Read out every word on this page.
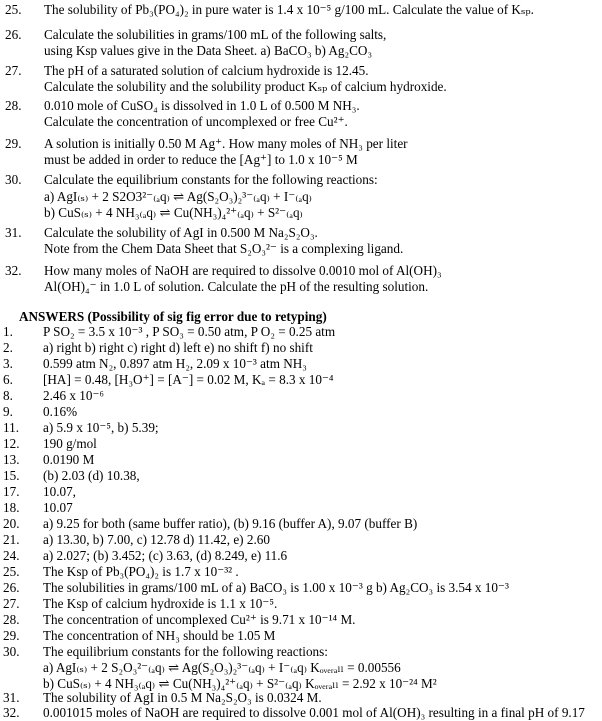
25. The solubility of Pb₃(PO₄)₂ in pure water is 1.4 x 10⁻⁵ g/100 mL. Calculate the value of Kₛₚ.
26. Calculate the solubilities in grams/100 mL of the following salts,
using Ksp values give in the Data Sheet. a) BaCO₃ b) Ag₂CO₃
27. The pH of a saturated solution of calcium hydroxide is 12.45.
Calculate the solubility and the solubility product Kₛₚ of calcium hydroxide.
28. 0.010 mole of CuSO₄ is dissolved in 1.0 L of 0.500 M NH₃.
Calculate the concentration of uncomplexed or free Cu²⁺.
29. A solution is initially 0.50 M Ag⁺. How many moles of NH₃ per liter
must be added in order to reduce the [Ag⁺] to 1.0 x 10⁻⁵ M
30. Calculate the equilibrium constants for the following reactions:
a) AgI₍ₛ₎ + 2 S2O3²⁻₍ₐq₎ ⇌ Ag(S₂O₃)₂³⁻₍ₐq₎ + I⁻₍ₐq₎
b) CuS₍ₛ₎ + 4 NH₃₍ₐq₎ ⇌ Cu(NH₃)₄²⁺₍ₐq₎ + S²⁻₍ₐq₎
31. Calculate the solubility of AgI in 0.500 M Na₂S₂O₃.
Note from the Chem Data Sheet that S₂O₃²⁻ is a complexing ligand.
32. How many moles of NaOH are required to dissolve 0.0010 mol of Al(OH)₃
Al(OH)₄⁻ in 1.0 L of solution. Calculate the pH of the resulting solution.
ANSWERS (Possibility of sig fig error due to retyping)
1. P SO₂ = 3.5 x 10⁻³ , P SO₃ = 0.50 atm, P O₂ = 0.25 atm
2. a) right b) right c) right d) left e) no shift f) no shift
3. 0.599 atm N₂, 0.897 atm H₂, 2.09 x 10⁻³ atm NH₃
6. [HA] = 0.48, [H₃O⁺] = [A⁻] = 0.02 M, Kₐ = 8.3 x 10⁻⁴
8. 2.46 x 10⁻⁶
9. 0.16%
11. a) 5.9 x 10⁻⁵, b) 5.39;
12. 190 g/mol
13. 0.0190 M
15. (b) 2.03 (d) 10.38,
17. 10.07,
18. 10.07
20. a) 9.25 for both (same buffer ratio), (b) 9.16 (buffer A), 9.07 (buffer B)
21. a) 13.30, b) 7.00, c) 12.78 d) 11.42, e) 2.60
24. a) 2.027; (b) 3.452; (c) 3.63, (d) 8.249, e) 11.6
25. The Ksp of Pb₃(PO₄)₂ is 1.7 x 10⁻³² .
26. The solubilities in grams/100 mL of a) BaCO₃ is 1.00 x 10⁻³ g b) Ag₂CO₃ is 3.54 x 10⁻³
27. The Ksp of calcium hydroxide is 1.1 x 10⁻⁵.
28. The concentration of uncomplexed Cu²⁺ is 9.71 x 10⁻¹⁴ M.
29. The concentration of NH₃ should be 1.05 M
30. The equilibrium constants for the following reactions:
a) AgI₍ₛ₎ + 2 S₂O₃²⁻₍ₐq₎ ⇌ Ag(S₂O₃)₂³⁻₍ₐq₎ + I⁻₍ₐq₎ Kₒᵥₑᵣₐₗₗ = 0.00556
b) CuS₍ₛ₎ + 4 NH₃₍ₐq₎ ⇌ Cu(NH₃)₄²⁺₍ₐq₎ + S²⁻₍ₐq₎ Kₒᵥₑᵣₐₗₗ = 2.92 x 10⁻²⁴ M²
31. The solubility of AgI in 0.5 M Na₂S₂O₃ is 0.0324 M.
32. 0.001015 moles of NaOH are required to dissolve 0.001 mol of Al(OH)₃ resulting in a final pH of 9.17
